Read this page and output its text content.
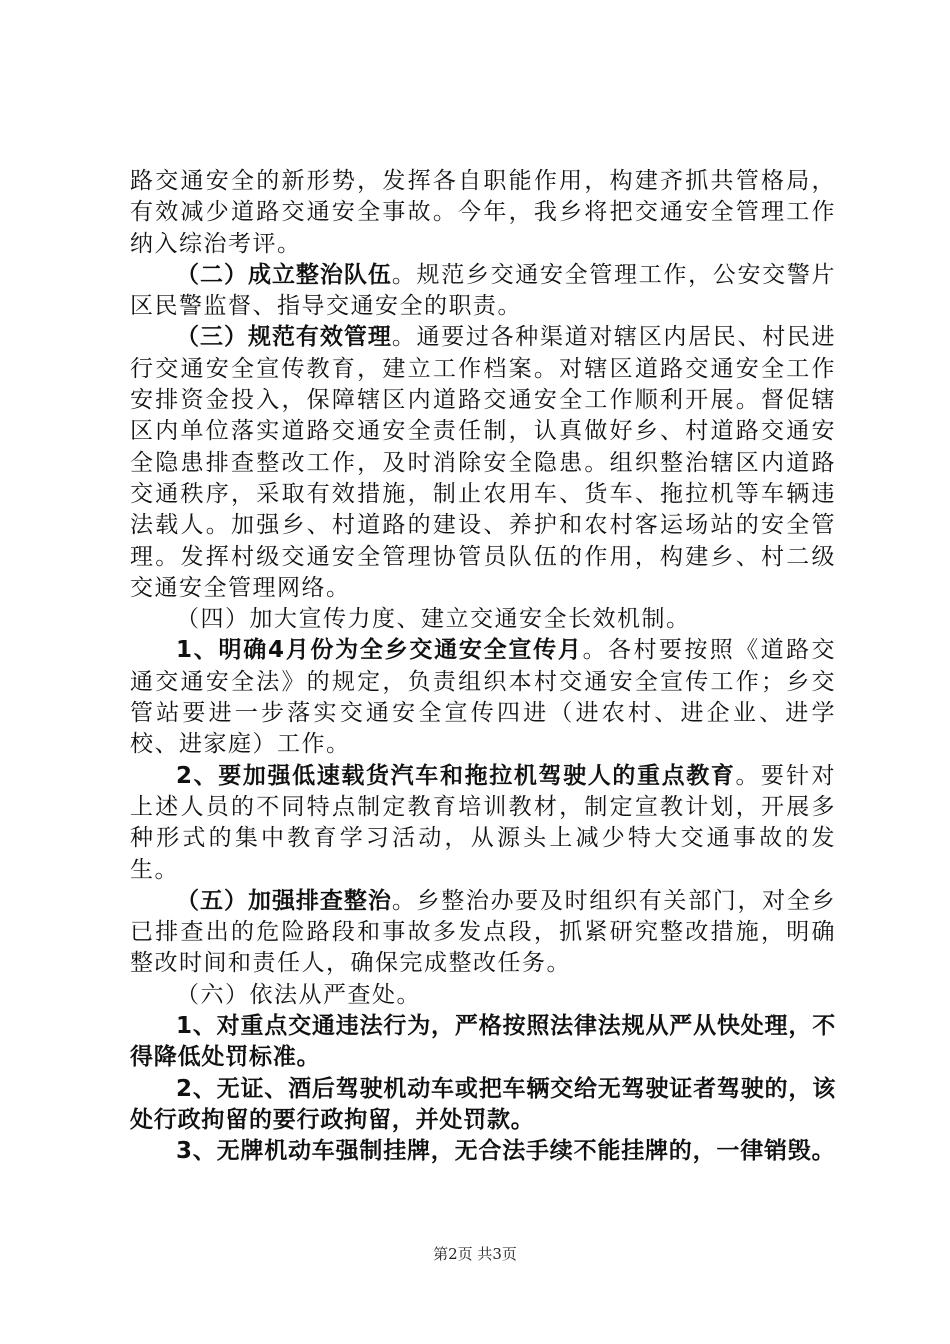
路交通安全的新形势，发挥各自职能作用，构建齐抓共管格局，有效减少道路交通安全事故。今年，我乡将把交通安全管理工作纳入综治考评。

（二）成立整治队伍。规范乡交通安全管理工作，公安交警片区民警监督、指导交通安全的职责。

（三）规范有效管理。通要过各种渠道对辖区内居民、村民进行交通安全宣传教育，建立工作档案。对辖区道路交通安全工作安排资金投入，保障辖区内道路交通安全工作顺利开展。督促辖区内单位落实道路交通安全责任制，认真做好乡、村道路交通安全隐患排查整改工作，及时消除安全隐患。组织整治辖区内道路交通秩序，采取有效措施，制止农用车、货车、拖拉机等车辆违法载人。加强乡、村道路的建设、养护和农村客运场站的安全管理。发挥村级交通安全管理协管员队伍的作用，构建乡、村二级交通安全管理网络。

（四）加大宣传力度、建立交通安全长效机制。

1、明确4月份为全乡交通安全宣传月。各村要按照《道路交通交通安全法》的规定，负责组织本村交通安全宣传工作；乡交管站要进一步落实交通安全宣传四进（进农村、进企业、进学校、进家庭）工作。

2、要加强低速载货汽车和拖拉机驾驶人的重点教育。要针对上述人员的不同特点制定教育培训教材，制定宣教计划，开展多种形式的集中教育学习活动，从源头上减少特大交通事故的发生。

（五）加强排查整治。乡整治办要及时组织有关部门，对全乡已排查出的危险路段和事故多发点段，抓紧研究整改措施，明确整改时间和责任人，确保完成整改任务。

（六）依法从严查处。

1、对重点交通违法行为，严格按照法律法规从严从快处理，不得降低处罚标准。

2、无证、酒后驾驶机动车或把车辆交给无驾驶证者驾驶的，该处行政拘留的要行政拘留，并处罚款。

3、无牌机动车强制挂牌，无合法手续不能挂牌的，一律销毁。

第2页 共3页
